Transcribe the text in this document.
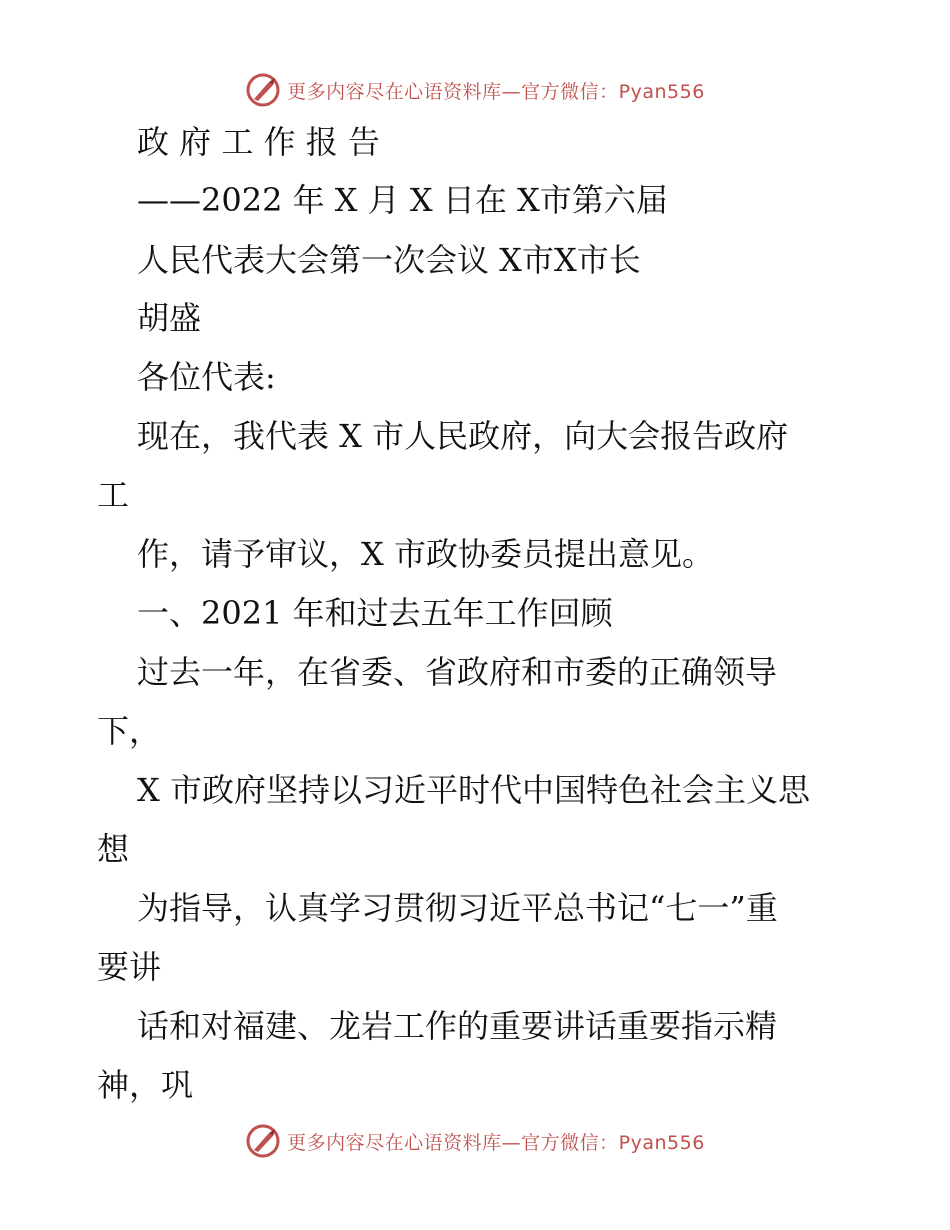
更多内容尽在心语资料库—官方微信：Pyan556
政 府 工 作 报 告
——2022 年 X 月 X 日在 X市第六届
人民代表大会第一次会议 X市X市长
胡盛
各位代表:
现在，我代表 X 市人民政府，向大会报告政府
工
作，请予审议，X 市政协委员提出意见。
一、2021 年和过去五年工作回顾
过去一年，在省委、省政府和市委的正确领导
下，
X 市政府坚持以习近平时代中国特色社会主义思
想
为指导，认真学习贯彻习近平总书记“七一”重
要讲
话和对福建、龙岩工作的重要讲话重要指示精
神，巩
更多内容尽在心语资料库—官方微信：Pyan556
